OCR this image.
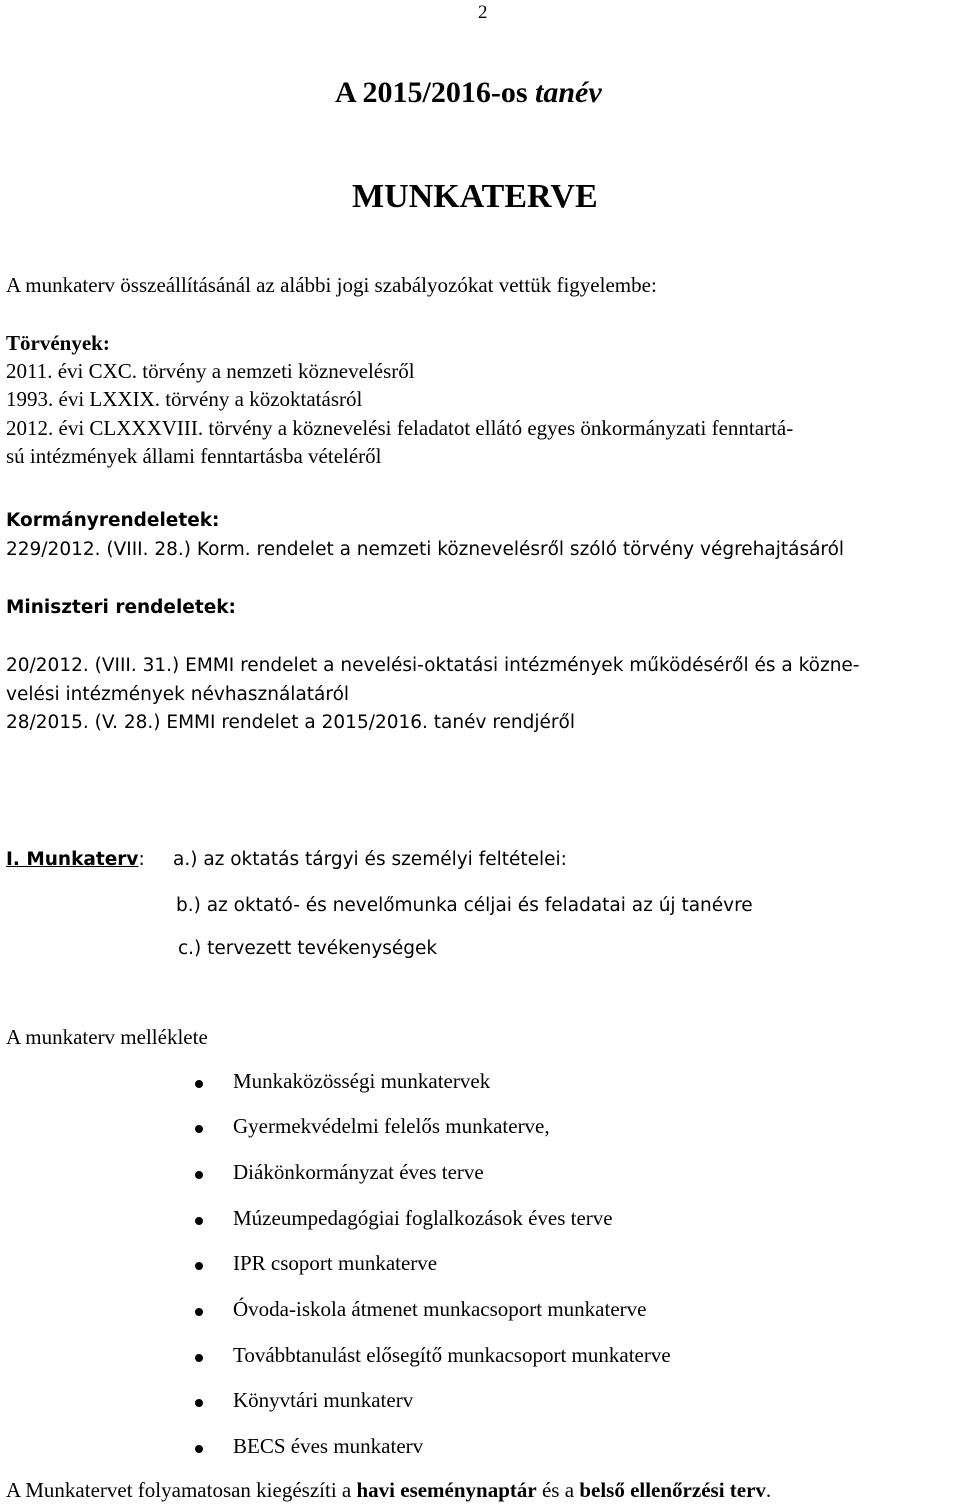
2
A 2015/2016-os tanév
MUNKATERVE
A munkaterv összeállításánál az alábbi jogi szabályozókat vettük figyelembe:
Törvények:
2011. évi CXC. törvény a nemzeti köznevelésről
1993. évi LXXIX. törvény a közoktatásról
2012. évi CLXXXVIII. törvény a köznevelési feladatot ellátó egyes önkormányzati fenntartá-
sú intézmények állami fenntartásba vételéről
Kormányrendeletek:
229/2012. (VIII. 28.) Korm. rendelet a nemzeti köznevelésről szóló törvény végrehajtásáról
Miniszteri rendeletek:
20/2012. (VIII. 31.) EMMI rendelet a nevelési-oktatási intézmények működéséről és a közne-
velési intézmények névhasználatáról
28/2015. (V. 28.) EMMI rendelet a 2015/2016. tanév rendjéről
I. Munkaterv: a.) az oktatás tárgyi és személyi feltételei:
b.) az oktató- és nevelőmunka céljai és feladatai az új tanévre
c.) tervezett tevékenységek
A munkaterv melléklete
Munkaközösségi munkatervek
Gyermekvédelmi felelős munkaterve,
Diákönkormányzat éves terve
Múzeumpedagógiai foglalkozások éves terve
IPR csoport munkaterve
Óvoda-iskola átmenet munkacsoport munkaterve
Továbbtanulást elősegítő munkacsoport munkaterve
Könyvtári munkaterv
BECS éves munkaterv
A Munkatervet folyamatosan kiegészíti a havi eseménynaptár és a belső ellenőrzési terv.
